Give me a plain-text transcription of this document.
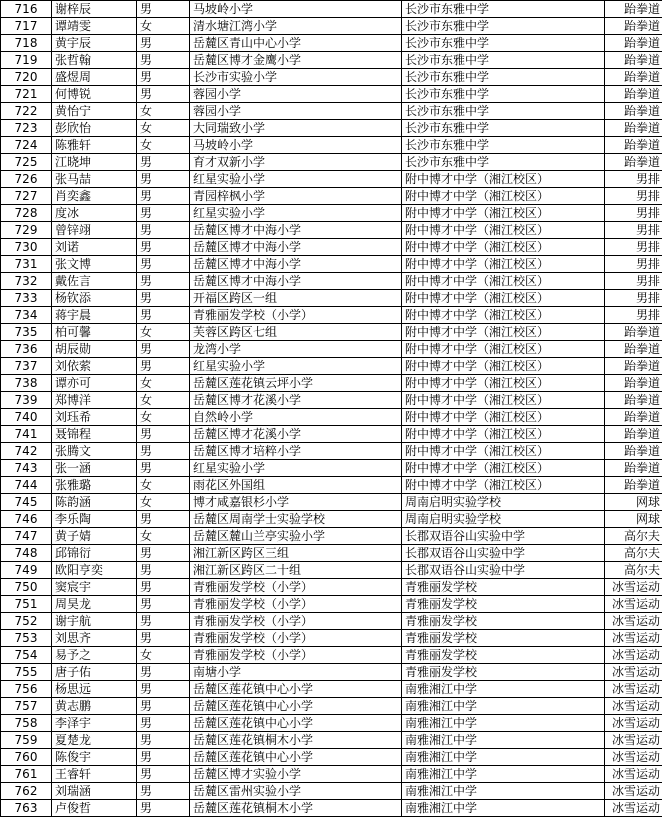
716	谢梓辰	男	马坡岭小学	长沙市东雅中学	跆拳道
717	谭靖雯	女	清水塘江湾小学	长沙市东雅中学	跆拳道
718	黄宇辰	男	岳麓区青山中心小学	长沙市东雅中学	跆拳道
719	张哲翰	男	岳麓区博才金鹰小学	长沙市东雅中学	跆拳道
720	盛煜周	男	长沙市实验小学	长沙市东雅中学	跆拳道
721	何博锐	男	蓉园小学	长沙市东雅中学	跆拳道
722	黄怡宁	女	蓉园小学	长沙市东雅中学	跆拳道
723	彭欣怡	女	大同瑞致小学	长沙市东雅中学	跆拳道
724	陈雅轩	女	马坡岭小学	长沙市东雅中学	跆拳道
725	江晓坤	男	育才双新小学	长沙市东雅中学	跆拳道
726	张马喆	男	红星实验小学	附中博才中学（湘江校区）	男排
727	肖奕鑫	男	青园梓枫小学	附中博才中学（湘江校区）	男排
728	度冰	男	红星实验小学	附中博才中学（湘江校区）	男排
729	曾锌翊	男	岳麓区博才中海小学	附中博才中学（湘江校区）	男排
730	刘诺	男	岳麓区博才中海小学	附中博才中学（湘江校区）	男排
731	张文博	男	岳麓区博才中海小学	附中博才中学（湘江校区）	男排
732	戴佐言	男	岳麓区博才中海小学	附中博才中学（湘江校区）	男排
733	杨钦添	男	开福区跨区一组	附中博才中学（湘江校区）	男排
734	蒋宇晨	男	青雅丽发学校（小学）	附中博才中学（湘江校区）	男排
735	柏可馨	女	芙蓉区跨区七组	附中博才中学（湘江校区）	跆拳道
736	胡辰勋	男	龙湾小学	附中博才中学（湘江校区）	跆拳道
737	刘依萦	男	红星实验小学	附中博才中学（湘江校区）	跆拳道
738	谭亦可	女	岳麓区莲花镇云坪小学	附中博才中学（湘江校区）	跆拳道
739	郑博洋	女	岳麓区博才花溪小学	附中博才中学（湘江校区）	跆拳道
740	刘珏希	女	自然岭小学	附中博才中学（湘江校区）	跆拳道
741	聂锦程	男	岳麓区博才花溪小学	附中博才中学（湘江校区）	跆拳道
742	张腾文	男	岳麓区博才培粹小学	附中博才中学（湘江校区）	跆拳道
743	张一涵	男	红星实验小学	附中博才中学（湘江校区）	跆拳道
744	张雅璐	女	雨花区外国组	附中博才中学（湘江校区）	跆拳道
745	陈韵涵	女	博才咸嘉银杉小学	周南启明实验学校	网球
746	李乐陶	男	岳麓区周南学士实验学校	周南启明实验学校	网球
747	黄子婧	女	岳麓区麓山兰亭实验小学	长郡双语谷山实验中学	高尔夫
748	邱锦衍	男	湘江新区跨区三组	长郡双语谷山实验中学	高尔夫
749	欧阳亨奕	男	湘江新区跨区二十组	长郡双语谷山实验中学	高尔夫
750	窦宸宇	男	青雅丽发学校（小学）	青雅丽发学校	冰雪运动
751	周昊龙	男	青雅丽发学校（小学）	青雅丽发学校	冰雪运动
752	谢宇航	男	青雅丽发学校（小学）	青雅丽发学校	冰雪运动
753	刘思齐	男	青雅丽发学校（小学）	青雅丽发学校	冰雪运动
754	易予之	女	青雅丽发学校（小学）	青雅丽发学校	冰雪运动
755	唐子佑	男	南塘小学	青雅丽发学校	冰雪运动
756	杨思远	男	岳麓区莲花镇中心小学	南雅湘江中学	冰雪运动
757	黄志鹏	男	岳麓区莲花镇中心小学	南雅湘江中学	冰雪运动
758	李泽宇	男	岳麓区莲花镇中心小学	南雅湘江中学	冰雪运动
759	夏楚龙	男	岳麓区莲花镇桐木小学	南雅湘江中学	冰雪运动
760	陈俊宇	男	岳麓区莲花镇中心小学	南雅湘江中学	冰雪运动
761	王睿轩	男	岳麓区博才实验小学	南雅湘江中学	冰雪运动
762	刘瑞涵	男	岳麓区雷州实验小学	南雅湘江中学	冰雪运动
763	卢俊哲	男	岳麓区莲花镇桐木小学	南雅湘江中学	冰雪运动
